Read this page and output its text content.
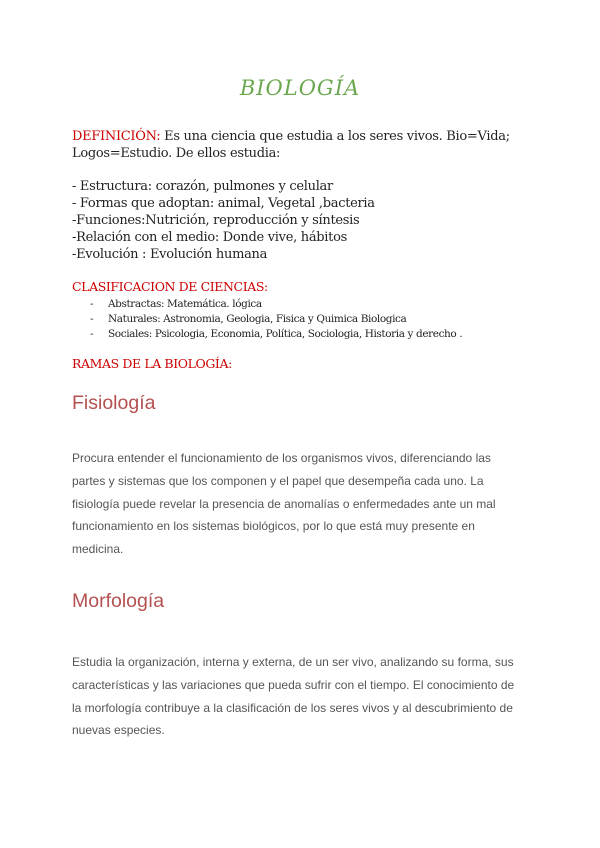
BIOLOGÍA
DEFINICIÓN: Es una ciencia que estudia a los seres vivos. Bio=Vida;
Logos=Estudio. De ellos estudia:
- Estructura: corazón, pulmones y celular
- Formas que adoptan: animal, Vegetal ,bacteria
-Funciones:Nutrición, reproducción y síntesis
-Relación con el medio: Donde vive, hábitos
-Evolución : Evolución humana
CLASIFICACION DE CIENCIAS:
-	Abstractas: Matemática. lógica
-	Naturales: Astronomia, Geologia, Fisica y Quimica Biologica
-	Sociales: Psicologia, Economia, Política, Sociologia, Historia y derecho .
RAMAS DE LA BIOLOGÍA:
Fisiología
Procura entender el funcionamiento de los organismos vivos, diferenciando las
partes y sistemas que los componen y el papel que desempeña cada uno. La
fisiología puede revelar la presencia de anomalías o enfermedades ante un mal
funcionamiento en los sistemas biológicos, por lo que está muy presente en
medicina.
Morfología
Estudia la organización, interna y externa, de un ser vivo, analizando su forma, sus
características y las variaciones que pueda sufrir con el tiempo. El conocimiento de
la morfología contribuye a la clasificación de los seres vivos y al descubrimiento de
nuevas especies.
